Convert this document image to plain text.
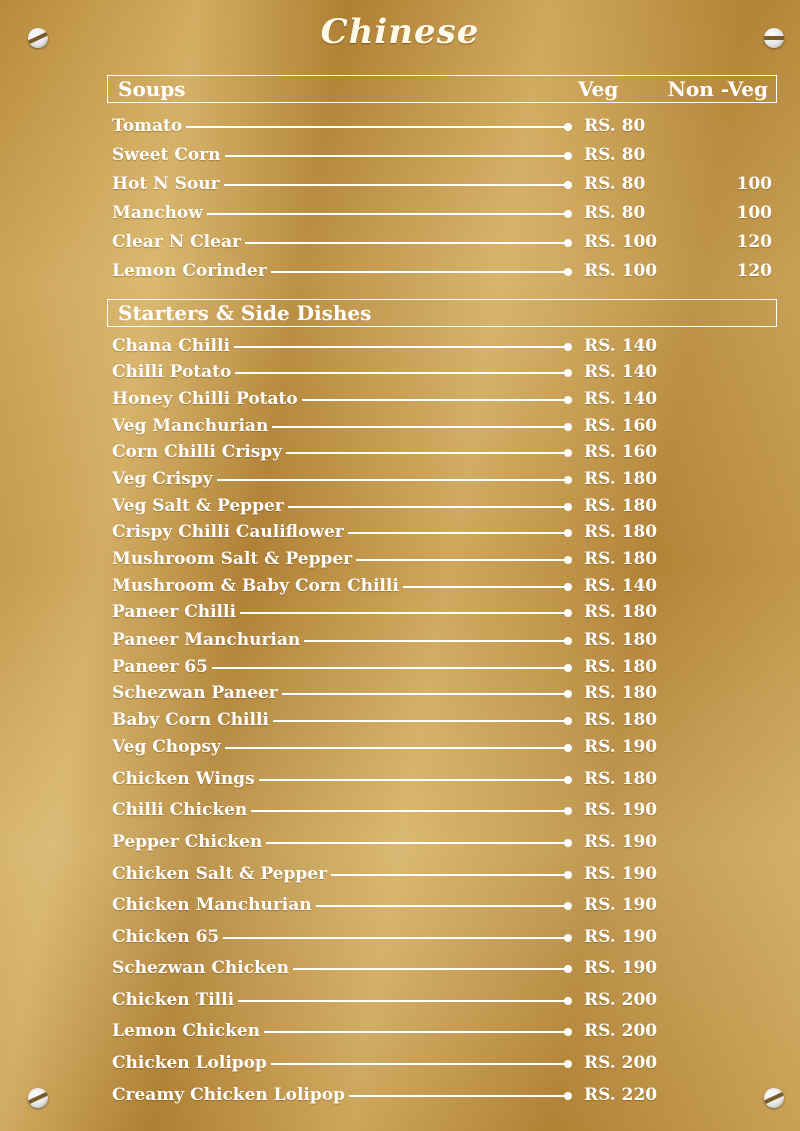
Chinese
Soups	Veg Non -Veg
Tomato	RS. 80
Sweet Corn	RS. 80
Hot N Sour	RS. 80	100
Manchow	RS. 80	100
Clear N Clear	RS. 100	120
Lemon Corinder	RS. 100	120
Starters & Side Dishes
Chana Chilli	RS. 140
Chilli Potato	RS. 140
Honey Chilli Potato	RS. 140
Veg Manchurian	RS. 160
Corn Chilli Crispy	RS. 160
Veg Crispy	RS. 180
Veg Salt & Pepper	RS. 180
Crispy Chilli Cauliflower	RS. 180
Mushroom Salt & Pepper	RS. 180
Mushroom & Baby Corn Chilli	RS. 140
Paneer Chilli	RS. 180
Paneer Manchurian	RS. 180
Paneer 65	RS. 180
Schezwan Paneer	RS. 180
Baby Corn Chilli	RS. 180
Veg Chopsy	RS. 190
Chicken Wings	RS. 180
Chilli Chicken	RS. 190
Pepper Chicken	RS. 190
Chicken Salt & Pepper	RS. 190
Chicken Manchurian	RS. 190
Chicken 65	RS. 190
Schezwan Chicken	RS. 190
Chicken Tilli	RS. 200
Lemon Chicken	RS. 200
Chicken Lolipop	RS. 200
Creamy Chicken Lolipop	RS. 220
